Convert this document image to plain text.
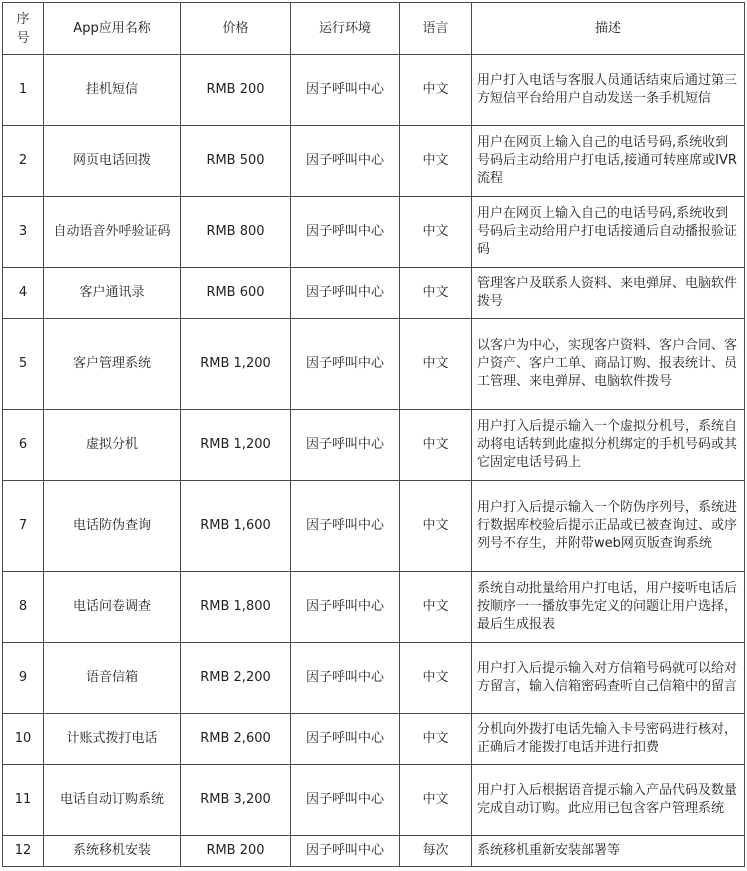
序号	App应用名称	价格	运行环境	语言	描述
1	挂机短信	RMB 200	因子呼叫中心	中文	用户打入电话与客服人员通话结束后通过第三方短信平台给用户自动发送一条手机短信
2	网页电话回拨	RMB 500	因子呼叫中心	中文	用户在网页上输入自己的电话号码,系统收到号码后主动给用户打电话,接通可转座席或IVR流程
3	自动语音外呼验证码	RMB 800	因子呼叫中心	中文	用户在网页上输入自己的电话号码,系统收到号码后主动给用户打电话接通后自动播报验证码
4	客户通讯录	RMB 600	因子呼叫中心	中文	管理客户及联系人资料、来电弹屏、电脑软件拨号
5	客户管理系统	RMB 1,200	因子呼叫中心	中文	以客户为中心，实现客户资料、客户合同、客户资产、客户工单、商品订购、报表统计、员工管理、来电弹屏、电脑软件拨号
6	虚拟分机	RMB 1,200	因子呼叫中心	中文	用户打入后提示输入一个虚拟分机号，系统自动将电话转到此虚拟分机绑定的手机号码或其它固定电话号码上
7	电话防伪查询	RMB 1,600	因子呼叫中心	中文	用户打入后提示输入一个防伪序列号，系统进行数据库校验后提示正品或已被查询过、或序列号不存生，并附带web网页版查询系统
8	电话问卷调查	RMB 1,800	因子呼叫中心	中文	系统自动批量给用户打电话，用户接听电话后按顺序一一播放事先定义的问题让用户选择，最后生成报表
9	语音信箱	RMB 2,200	因子呼叫中心	中文	用户打入后提示输入对方信箱号码就可以给对方留言，输入信箱密码查听自己信箱中的留言
10	计账式拨打电话	RMB 2,600	因子呼叫中心	中文	分机向外拨打电话先输入卡号密码进行核对，正确后才能拨打电话并进行扣费
11	电话自动订购系统	RMB 3,200	因子呼叫中心	中文	用户打入后根据语音提示输入产品代码及数量完成自动订购。此应用已包含客户管理系统
12	系统移机安装	RMB 200	因子呼叫中心	每次	系统移机重新安装部署等
